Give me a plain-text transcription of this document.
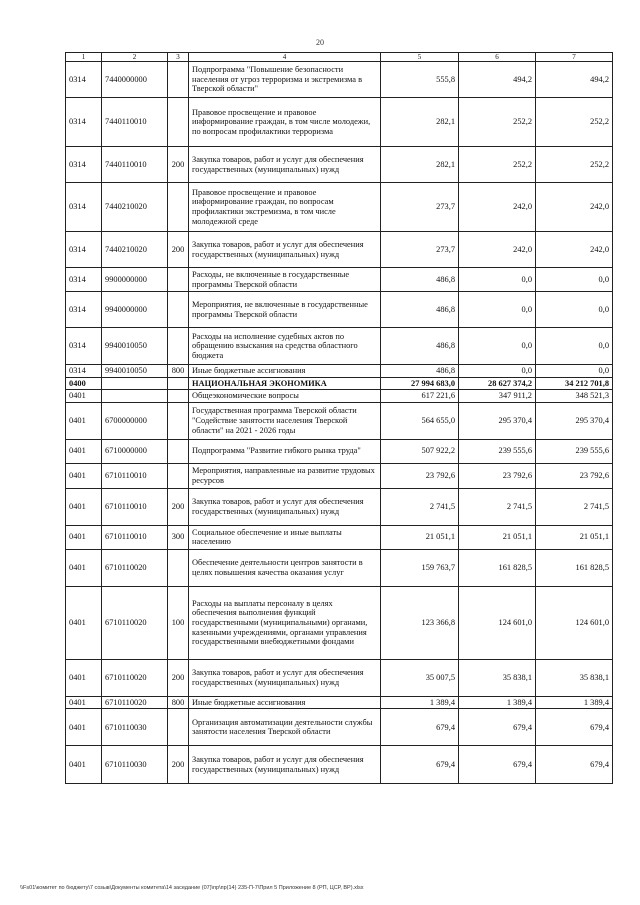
20
1	2	3	4	5	6	7
0314	7440000000		Подпрограмма "Повышение безопасности населения от угроз терроризма и экстремизма в Тверской области"	555,8	494,2	494,2
0314	7440110010		Правовое просвещение и правовое информирование граждан, в том числе молодежи, по вопросам профилактики терроризма	282,1	252,2	252,2
0314	7440110010	200	Закупка товаров, работ и услуг для обеспечения государственных (муниципальных) нужд	282,1	252,2	252,2
0314	7440210020		Правовое просвещение и правовое информирование граждан, по вопросам профилактики экстремизма, в том числе молодежной среде	273,7	242,0	242,0
0314	7440210020	200	Закупка товаров, работ и услуг для обеспечения государственных (муниципальных) нужд	273,7	242,0	242,0
0314	9900000000		Расходы, не включенные в государственные программы Тверской области	486,8	0,0	0,0
0314	9940000000		Мероприятия, не включенные в государственные программы Тверской области	486,8	0,0	0,0
0314	9940010050		Расходы на исполнение судебных актов по обращению взыскания на средства областного бюджета	486,8	0,0	0,0
0314	9940010050	800	Иные бюджетные ассигнования	486,8	0,0	0,0
0400			НАЦИОНАЛЬНАЯ ЭКОНОМИКА	27 994 683,0	28 627 374,2	34 212 701,8
0401			Общеэкономические вопросы	617 221,6	347 911,2	348 521,3
0401	6700000000		Государственная программа Тверской области "Содействие занятости населения Тверской области" на 2021 - 2026 годы	564 655,0	295 370,4	295 370,4
0401	6710000000		Подпрограмма "Развитие гибкого рынка труда"	507 922,2	239 555,6	239 555,6
0401	6710110010		Мероприятия, направленные на развитие трудовых ресурсов	23 792,6	23 792,6	23 792,6
0401	6710110010	200	Закупка товаров, работ и услуг для обеспечения государственных (муниципальных) нужд	2 741,5	2 741,5	2 741,5
0401	6710110010	300	Социальное обеспечение и иные выплаты населению	21 051,1	21 051,1	21 051,1
0401	6710110020		Обеспечение деятельности центров занятости в целях повышения качества оказания услуг	159 763,7	161 828,5	161 828,5
0401	6710110020	100	Расходы на выплаты персоналу в целях обеспечения выполнения функций государственными (муниципальными) органами, казенными учреждениями, органами управления государственными внебюджетными фондами	123 366,8	124 601,0	124 601,0
0401	6710110020	200	Закупка товаров, работ и услуг для обеспечения государственных (муниципальных) нужд	35 007,5	35 838,1	35 838,1
0401	6710110020	800	Иные бюджетные ассигнования	1 389,4	1 389,4	1 389,4
0401	6710110030		Организация автоматизации деятельности службы занятости населения Тверской области	679,4	679,4	679,4
0401	6710110030	200	Закупка товаров, работ и услуг для обеспечения государственных (муниципальных) нужд	679,4	679,4	679,4
\\Fs01\комитет по бюджету\7 созыв\Документы комитета\14 заседание (07)\пр\пр(14) 235-П-7\Прил 5 Приложение 8 (РП, ЦСР, ВР).xlsx
